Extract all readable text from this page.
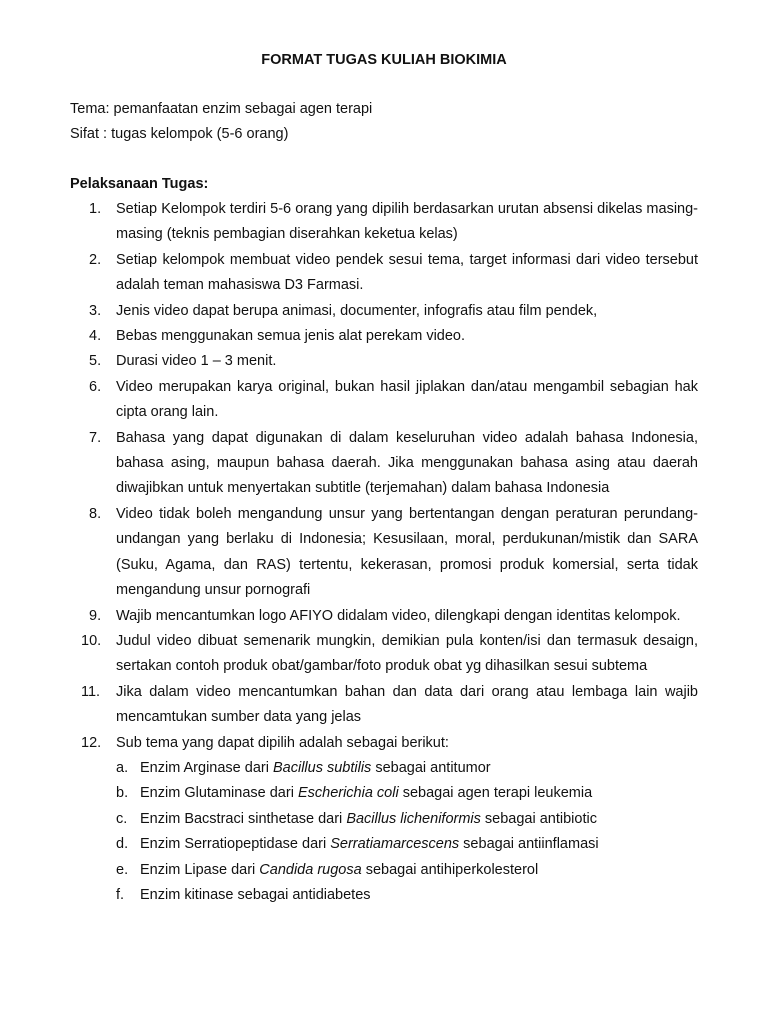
FORMAT TUGAS KULIAH BIOKIMIA
Tema: pemanfaatan enzim sebagai agen terapi
Sifat : tugas kelompok (5-6 orang)
Pelaksanaan Tugas:
1. Setiap Kelompok terdiri 5-6 orang yang dipilih berdasarkan urutan absensi dikelas masing-masing (teknis pembagian diserahkan keketua kelas)
2. Setiap kelompok membuat video pendek sesui tema, target informasi dari video tersebut adalah teman mahasiswa D3 Farmasi.
3. Jenis video dapat berupa animasi, documenter, infografis atau film pendek,
4. Bebas menggunakan semua jenis alat perekam video.
5. Durasi video 1 – 3 menit.
6. Video merupakan karya original, bukan hasil jiplakan dan/atau mengambil sebagian hak cipta orang lain.
7. Bahasa yang dapat digunakan di dalam keseluruhan video adalah bahasa Indonesia, bahasa asing, maupun bahasa daerah. Jika menggunakan bahasa asing atau daerah diwajibkan untuk menyertakan subtitle (terjemahan) dalam bahasa Indonesia
8. Video tidak boleh mengandung unsur yang bertentangan dengan peraturan perundang-undangan yang berlaku di Indonesia; Kesusilaan, moral, perdukunan/mistik dan SARA (Suku, Agama, dan RAS) tertentu, kekerasan, promosi produk komersial, serta tidak mengandung unsur pornografi
9. Wajib mencantumkan logo AFIYO didalam video, dilengkapi dengan identitas kelompok.
10. Judul video dibuat semenarik mungkin, demikian pula konten/isi dan termasuk desaign, sertakan contoh produk obat/gambar/foto produk obat yg dihasilkan sesui subtema
11. Jika dalam video mencantumkan bahan dan data dari orang atau lembaga lain wajib mencamtukan sumber data yang jelas
12. Sub tema yang dapat dipilih adalah sebagai berikut:
a. Enzim Arginase dari Bacillus subtilis sebagai antitumor
b. Enzim Glutaminase dari Escherichia coli sebagai agen terapi leukemia
c. Enzim Bacstraci sinthetase dari Bacillus licheniformis sebagai antibiotic
d. Enzim Serratiopeptidase dari Serratiamarcescens sebagai antiinflamasi
e. Enzim Lipase dari Candida rugosa sebagai antihiperkolesterol
f. Enzim kitinase sebagai antidiabetes
